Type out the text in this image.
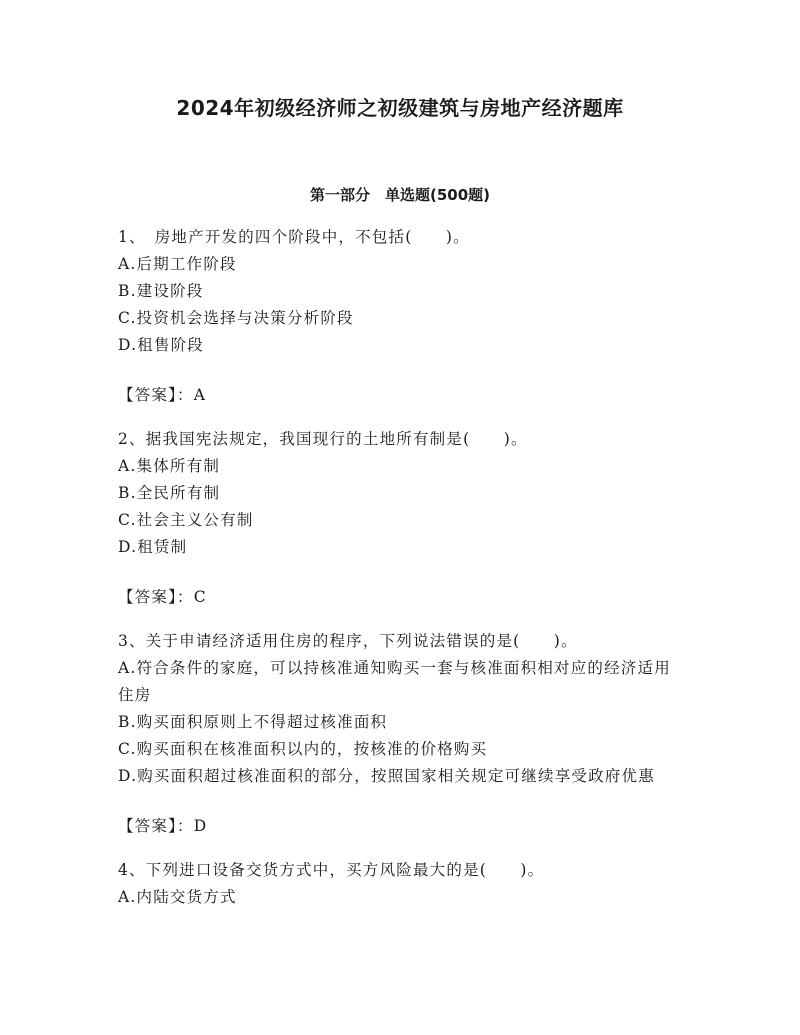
2024年初级经济师之初级建筑与房地产经济题库
第一部分　单选题(500题)
1、　房地产开发的四个阶段中，不包括(　　)。
A.后期工作阶段
B.建设阶段
C.投资机会选择与决策分析阶段
D.租售阶段
【答案】：A
2、据我国宪法规定，我国现行的土地所有制是(　　)。
A.集体所有制
B.全民所有制
C.社会主义公有制
D.租赁制
【答案】：C
3、关于申请经济适用住房的程序，下列说法错误的是(　　)。
A.符合条件的家庭，可以持核准通知购买一套与核准面积相对应的经济适用住房
B.购买面积原则上不得超过核准面积
C.购买面积在核准面积以内的，按核准的价格购买
D.购买面积超过核准面积的部分，按照国家相关规定可继续享受政府优惠
【答案】：D
4、下列进口设备交货方式中，买方风险最大的是(　　)。
A.内陆交货方式
